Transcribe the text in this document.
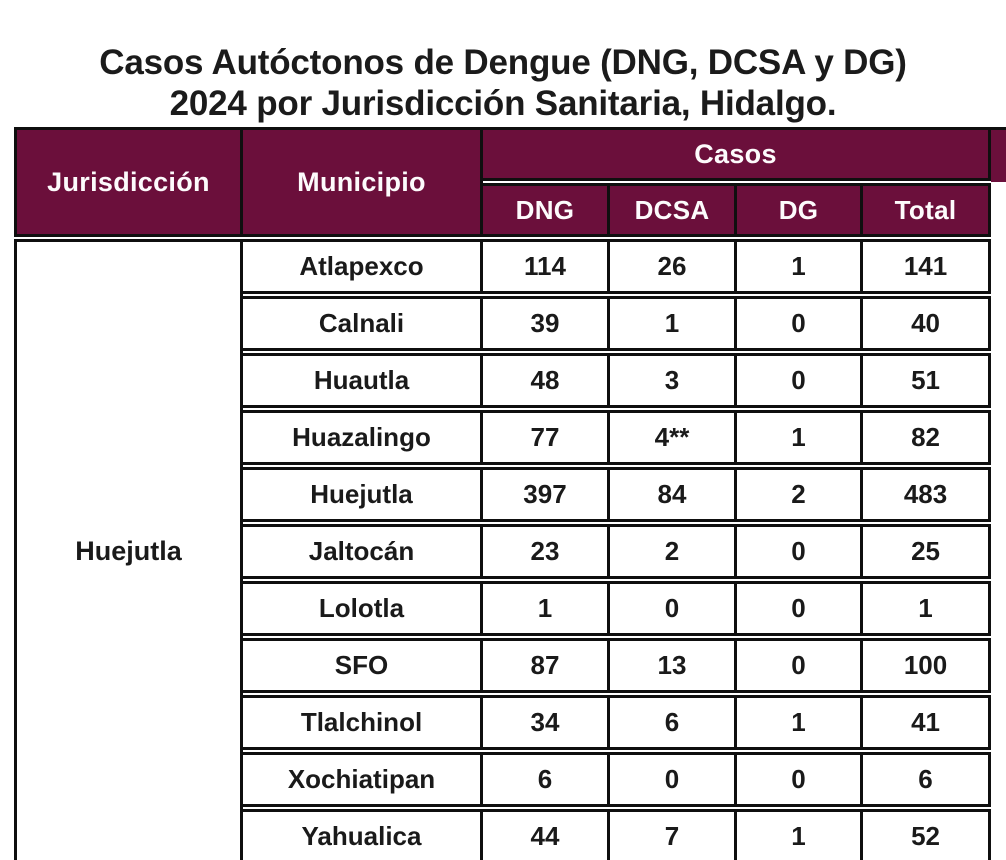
Casos Autóctonos de Dengue (DNG, DCSA y DG)
2024 por Jurisdicción Sanitaria, Hidalgo.
Jurisdicción	Municipio	Casos			
		DNG	DCSA	DG	Total
Huejutla	Atlapexco	114	26	1	141
	Calnali	39	1	0	40
	Huautla	48	3	0	51
	Huazalingo	77	4**	1	82
	Huejutla	397	84	2	483
	Jaltocán	23	2	0	25
	Lolotla	1	0	0	1
	SFO	87	13	0	100
	Tlalchinol	34	6	1	41
	Xochiatipan	6	0	0	6
	Yahualica	44	7	1	52
